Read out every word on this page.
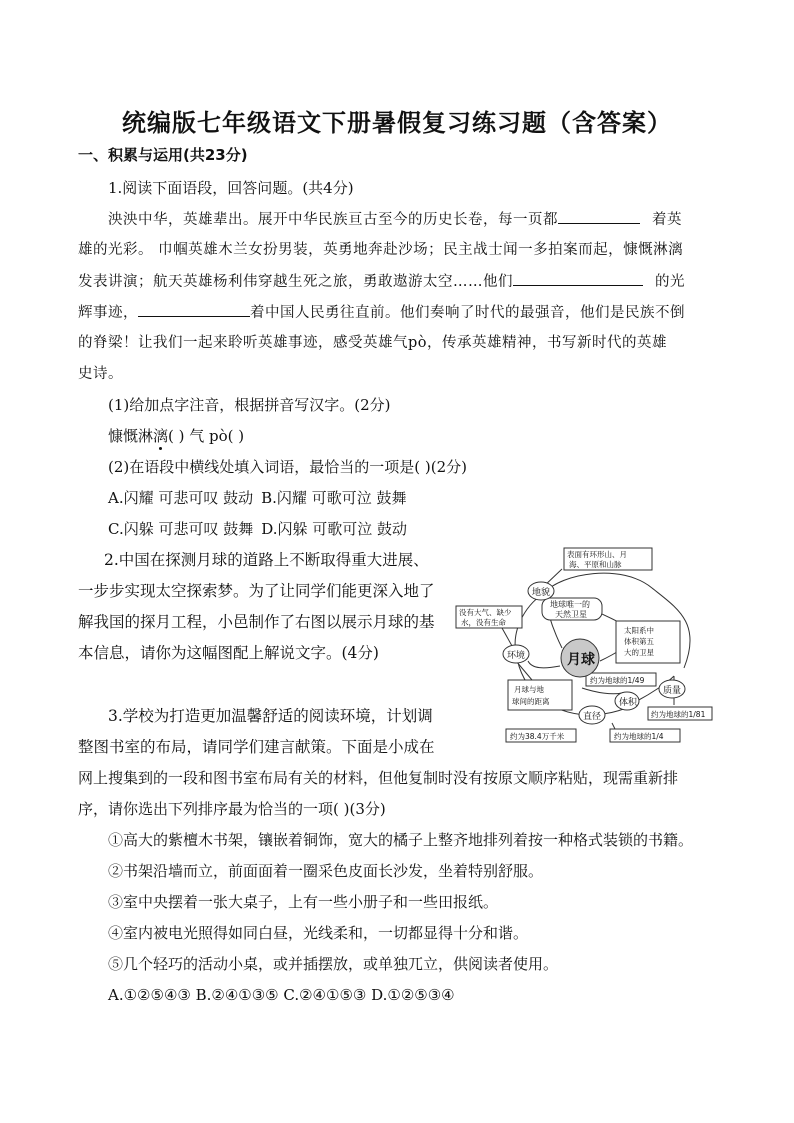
统编版七年级语文下册暑假复习练习题（含答案）
一、积累与运用(共23分)
1.阅读下面语段，回答问题。(共4分)
泱泱中华，英雄辈出。展开中华民族亘古至今的历史长卷，每一页都	着英
雄的光彩。 巾帼英雄木兰女扮男装，英勇地奔赴沙场；民主战士闻一多拍案而起，慷慨淋漓
发表讲演；航天英雄杨利伟穿越生死之旅，勇敢遨游太空……他们	的光
辉事迹，	着中国人民勇往直前。他们奏响了时代的最强音，他们是民族不倒
的脊梁！让我们一起来聆听英雄事迹，感受英雄气pò，传承英雄精神，书写新时代的英雄
史诗。
(1)给加点字注音，根据拼音写汉字。(2分)
慷慨淋漓( ) 气 pò( )
(2)在语段中横线处填入词语，最恰当的一项是( )(2分)
A.闪耀 可悲可叹 鼓动 B.闪耀 可歌可泣 鼓舞
C.闪躲 可悲可叹 鼓舞 D.闪躲 可歌可泣 鼓动
2.中国在探测月球的道路上不断取得重大进展、
一步步实现太空探索梦。为了让同学们能更深入地了
解我国的探月工程，小邑制作了右图以展示月球的基
本信息，请你为这幅图配上解说文字。(4分)
表面有环形山、月
海、平原和山脉
没有大气、缺少
水，没有生命
地球唯一的
天然卫星
太阳系中
体积第五
大的卫星
约为地球的1/49
月球与地
球间的距离
约为地球的1/81
约为38.4万千米	约为地球的1/4
地貌
环境
直径
体积
质量
月球
3.学校为打造更加温馨舒适的阅读环境，计划调
整图书室的布局，请同学们建言献策。下面是小成在
网上搜集到的一段和图书室布局有关的材料，但他复制时没有按原文顺序粘贴，现需重新排
序，请你选出下列排序最为恰当的一项( )(3分)
①高大的紫檀木书架，镶嵌着铜饰，宽大的橘子上整齐地排列着按一种格式装锁的书籍。
②书架沿墙而立，前面面着一圈采色皮面长沙发，坐着特别舒服。
③室中央摆着一张大桌子，上有一些小册子和一些田报纸。
④室内被电光照得如同白昼，光线柔和，一切都显得十分和谐。
⑤几个轻巧的活动小桌，或并插摆放，或单独兀立，供阅读者使用。
A.①②⑤④③ B.②④①③⑤ C.②④①⑤③ D.①②⑤③④
